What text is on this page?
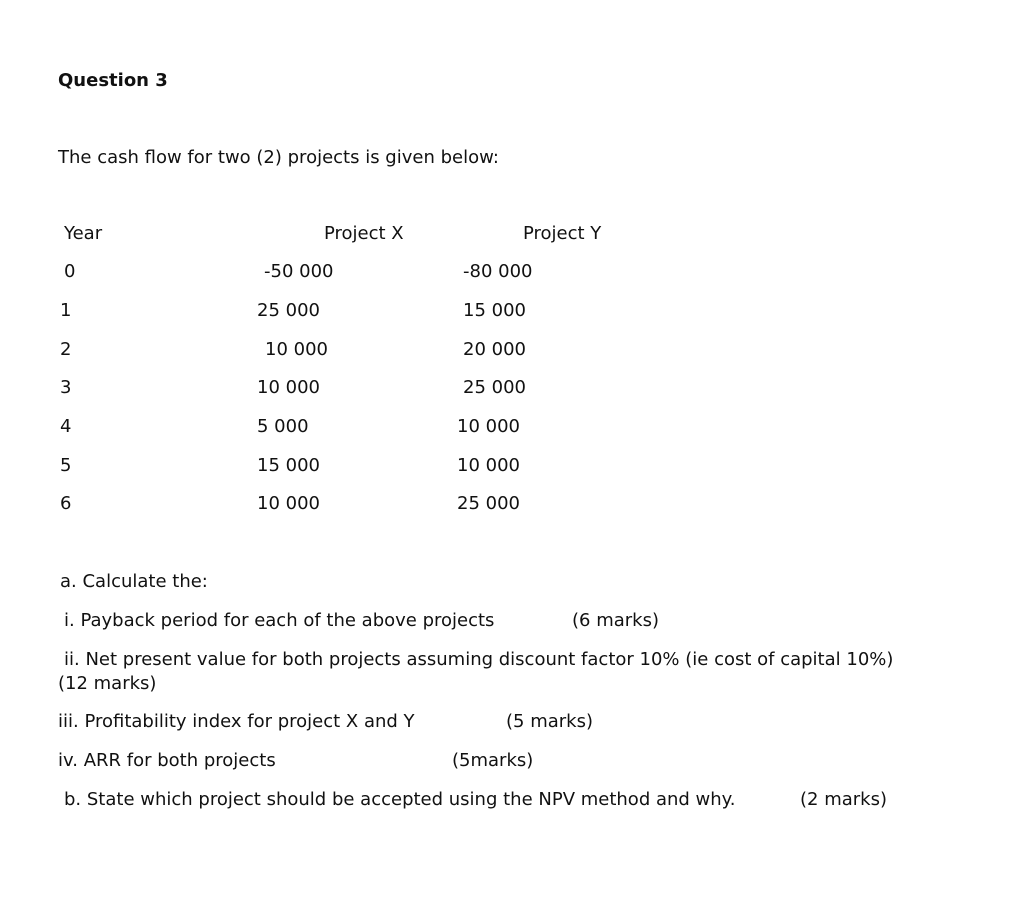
Question 3
The cash flow for two (2) projects is given below:
Year	Project X	Project Y
0	-50 000	-80 000
1	25 000	15 000
2	10 000	20 000
3	10 000	25 000
4	5 000	10 000
5	15 000	10 000
6	10 000	25 000
a. Calculate the:
i. Payback period for each of the above projects	(6 marks)
ii. Net present value for both projects assuming discount factor 10% (ie cost of capital 10%)
(12 marks)
iii. Profitability index for project X and Y	(5 marks)
iv. ARR for both projects	(5marks)
b. State which project should be accepted using the NPV method and why.	(2 marks)
